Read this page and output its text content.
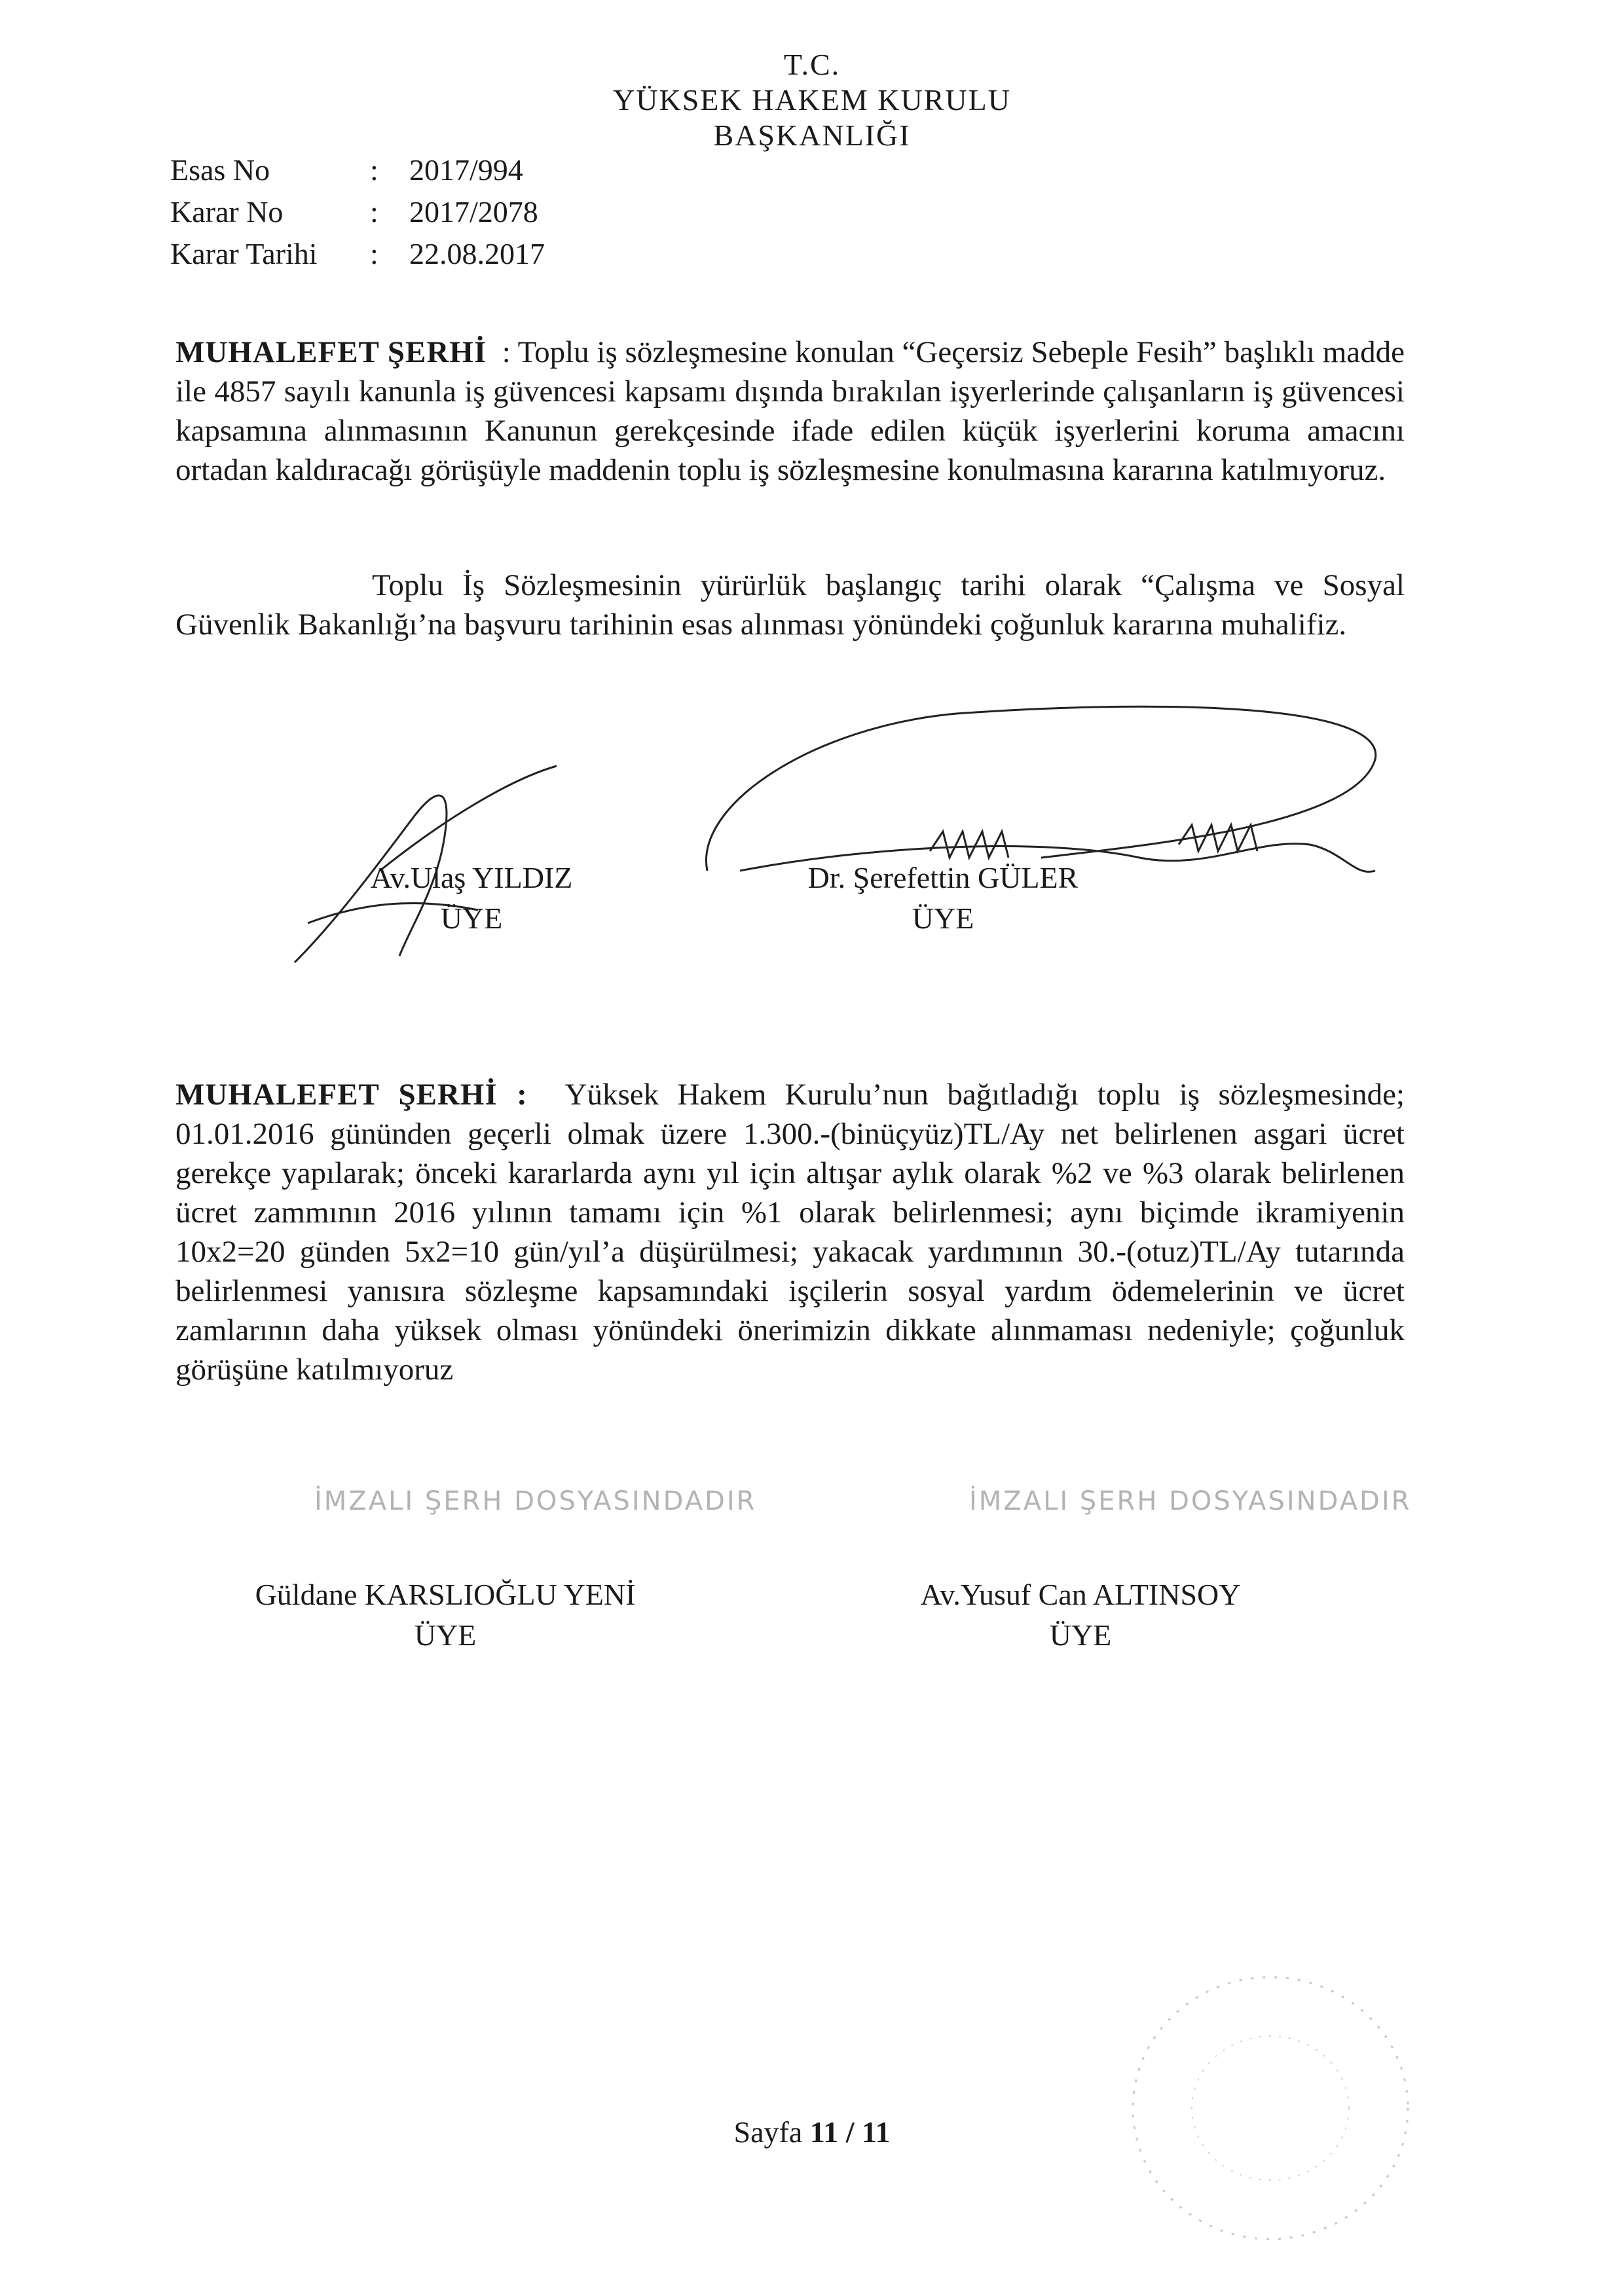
T.C.
YÜKSEK HAKEM KURULU
BAŞKANLIĞI
Esas No	: 2017/994
Karar No	: 2017/2078
Karar Tarihi : 22.08.2017
MUHALEFET ŞERHİ : Toplu iş sözleşmesine konulan “Geçersiz Sebeple Fesih” başlıklı madde ile 4857 sayılı kanunla iş güvencesi kapsamı dışında bırakılan işyerlerinde çalışanların iş güvencesi kapsamına alınmasının Kanunun gerekçesinde ifade edilen küçük işyerlerini koruma amacını ortadan kaldıracağı görüşüyle maddenin toplu iş sözleşmesine konulmasına kararına katılmıyoruz.
Toplu İş Sözleşmesinin yürürlük başlangıç tarihi olarak “Çalışma ve Sosyal Güvenlik Bakanlığı’na başvuru tarihinin esas alınması yönündeki çoğunluk kararına muhalifiz.
Av.Ulaş YILDIZ
ÜYE
Dr. Şerefettin GÜLER
ÜYE
MUHALEFET ŞERHİ : Yüksek Hakem Kurulu’nun bağıtladığı toplu iş sözleşmesinde; 01.01.2016 gününden geçerli olmak üzere 1.300.-(binüçyüz)TL/Ay net belirlenen asgari ücret gerekçe yapılarak; önceki kararlarda aynı yıl için altışar aylık olarak %2 ve %3 olarak belirlenen ücret zammının 2016 yılının tamamı için %1 olarak belirlenmesi; aynı biçimde ikramiyenin 10x2=20 günden 5x2=10 gün/yıl’a düşürülmesi; yakacak yardımının 30.-(otuz)TL/Ay tutarında belirlenmesi yanısıra sözleşme kapsamındaki işçilerin sosyal yardım ödemelerinin ve ücret zamlarının daha yüksek olması yönündeki önerimizin dikkate alınmaması nedeniyle; çoğunluk görüşüne katılmıyoruz
İMZALI ŞERH DOSYASINDADIR	İMZALI ŞERH DOSYASINDADIR
Güldane KARSLIOĞLU YENİ
ÜYE
Av.Yusuf Can ALTINSOY
ÜYE
Sayfa 11 / 11
